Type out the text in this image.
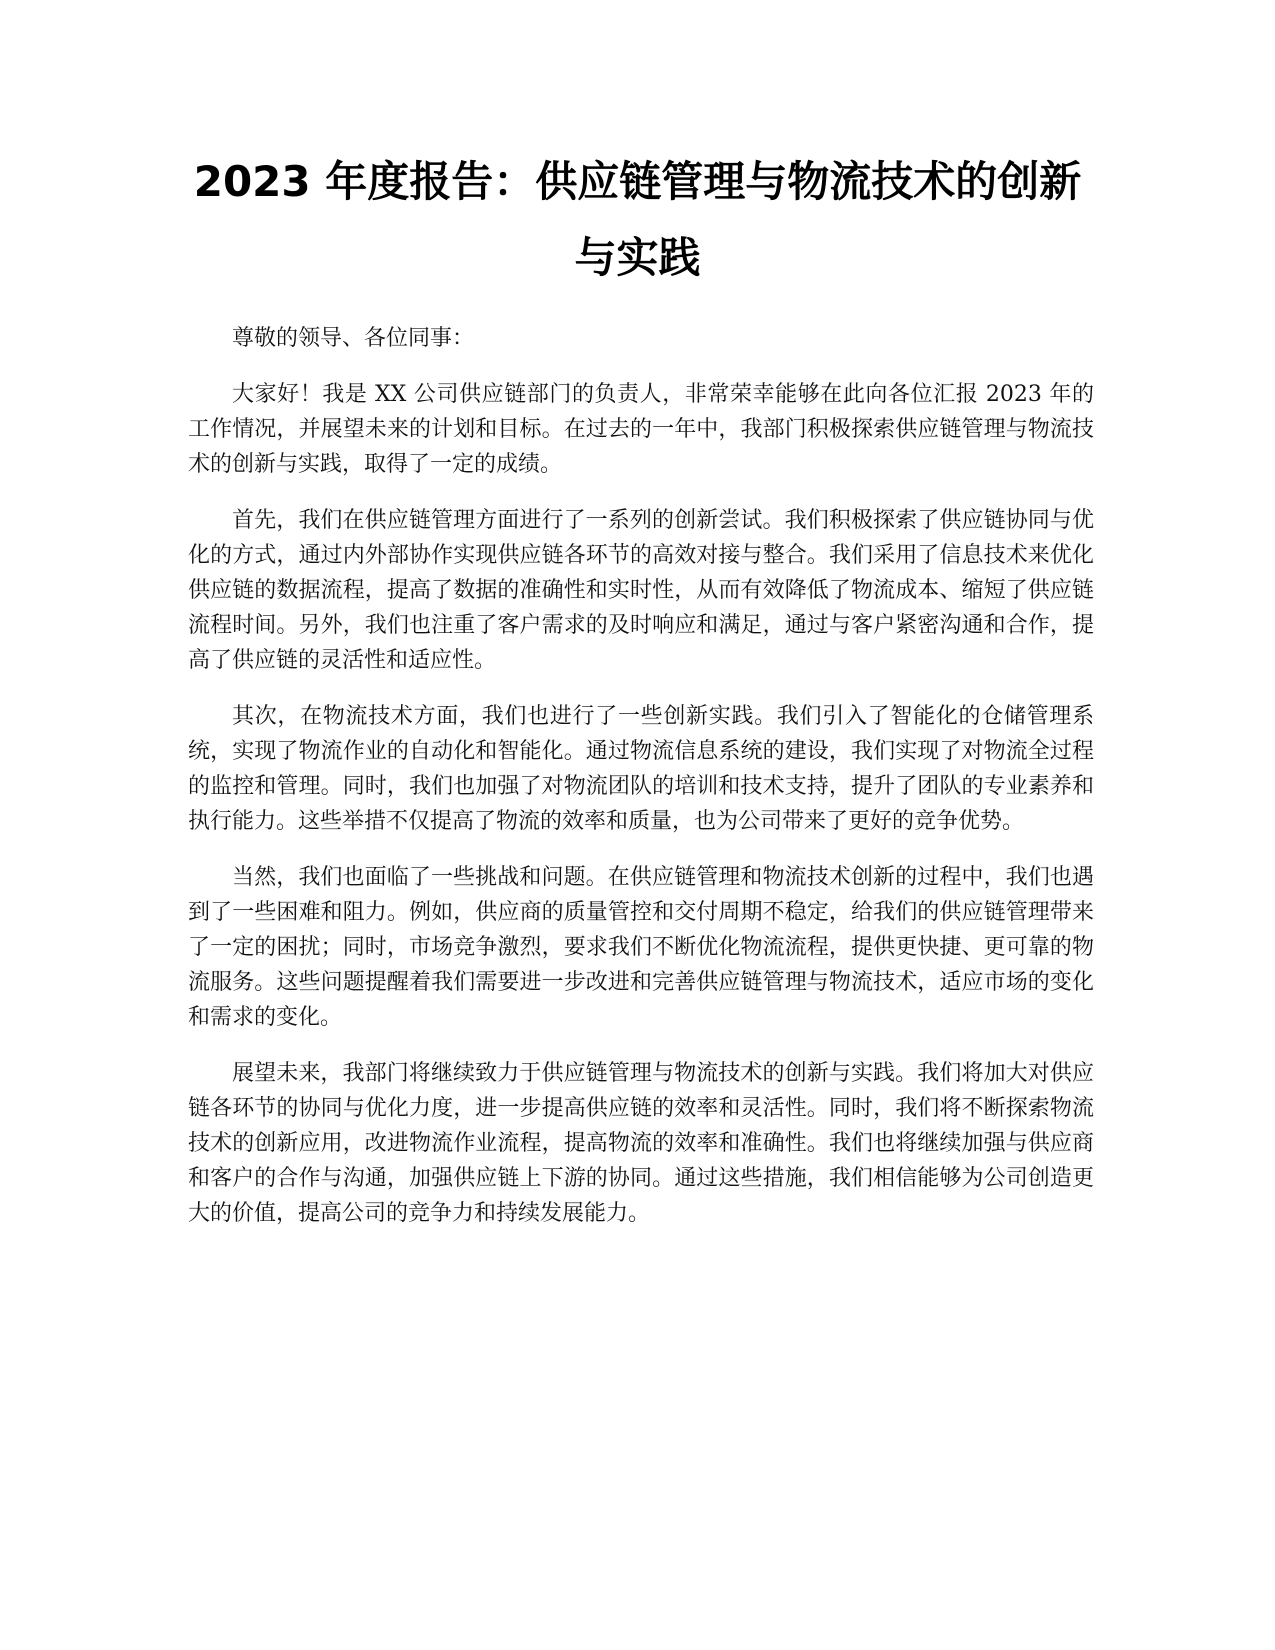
2023 年度报告：供应链管理与物流技术的创新与实践

尊敬的领导、各位同事：

大家好！我是 XX 公司供应链部门的负责人，非常荣幸能够在此向各位汇报 2023 年的工作情况，并展望未来的计划和目标。在过去的一年中，我部门积极探索供应链管理与物流技术的创新与实践，取得了一定的成绩。

首先，我们在供应链管理方面进行了一系列的创新尝试。我们积极探索了供应链协同与优化的方式，通过内外部协作实现供应链各环节的高效对接与整合。我们采用了信息技术来优化供应链的数据流程，提高了数据的准确性和实时性，从而有效降低了物流成本、缩短了供应链流程时间。另外，我们也注重了客户需求的及时响应和满足，通过与客户紧密沟通和合作，提高了供应链的灵活性和适应性。

其次，在物流技术方面，我们也进行了一些创新实践。我们引入了智能化的仓储管理系统，实现了物流作业的自动化和智能化。通过物流信息系统的建设，我们实现了对物流全过程的监控和管理。同时，我们也加强了对物流团队的培训和技术支持，提升了团队的专业素养和执行能力。这些举措不仅提高了物流的效率和质量，也为公司带来了更好的竞争优势。

当然，我们也面临了一些挑战和问题。在供应链管理和物流技术创新的过程中，我们也遇到了一些困难和阻力。例如，供应商的质量管控和交付周期不稳定，给我们的供应链管理带来了一定的困扰；同时，市场竞争激烈，要求我们不断优化物流流程，提供更快捷、更可靠的物流服务。这些问题提醒着我们需要进一步改进和完善供应链管理与物流技术，适应市场的变化和需求的变化。

展望未来，我部门将继续致力于供应链管理与物流技术的创新与实践。我们将加大对供应链各环节的协同与优化力度，进一步提高供应链的效率和灵活性。同时，我们将不断探索物流技术的创新应用，改进物流作业流程，提高物流的效率和准确性。我们也将继续加强与供应商和客户的合作与沟通，加强供应链上下游的协同。通过这些措施，我们相信能够为公司创造更大的价值，提高公司的竞争力和持续发展能力。
